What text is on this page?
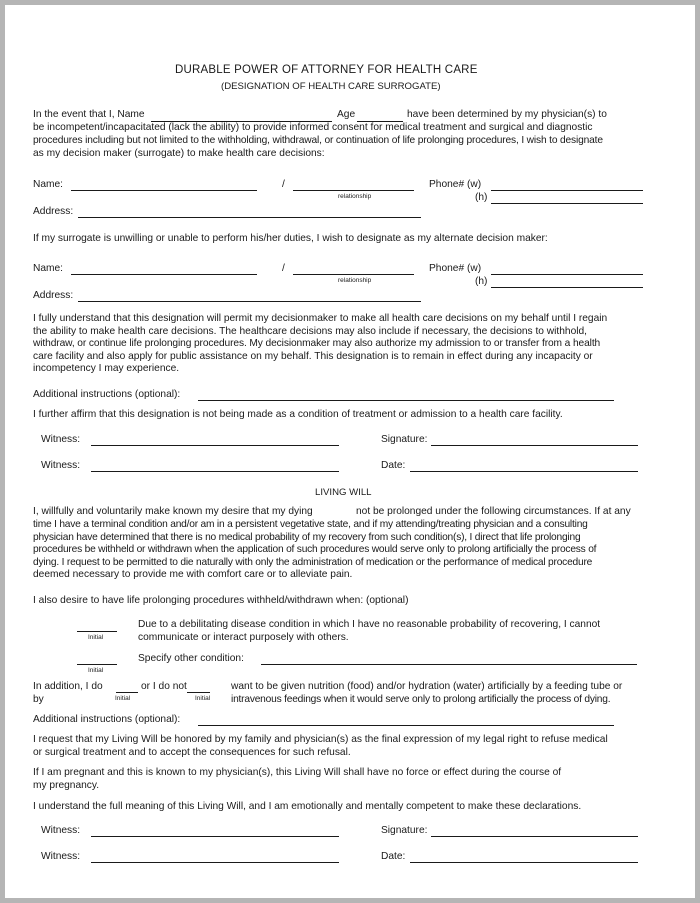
DURABLE POWER OF ATTORNEY FOR HEALTH CARE
(DESIGNATION OF HEALTH CARE SURROGATE)
In the event that I, Name	Age	have been determined by my physician(s) to
be incompetent/incapacitated (lack the ability) to provide informed consent for medical treatment and surgical and diagnostic
procedures including but not limited to the withholding, withdrawal, or continuation of life prolonging procedures, I wish to designate
as my decision maker (surrogate) to make health care decisions:
Name:	/
relationship
Phone# (w)
(h)
Address:
If my surrogate is unwilling or unable to perform his/her duties, I wish to designate as my alternate decision maker:
Name:	/
relationship
Phone# (w)
(h)
Address:
I fully understand that this designation will permit my decisionmaker to make all health care decisions on my behalf until I regain
the ability to make health care decisions. The healthcare decisions may also include if necessary, the decisions to withhold,
withdraw, or continue life prolonging procedures. My decisionmaker may also authorize my admission to or transfer from a health
care facility and also apply for public assistance on my behalf. This designation is to remain in effect during any incapacity or
incompetency I may experience.
Additional instructions (optional):
I further affirm that this designation is not being made as a condition of treatment or admission to a health care facility.
Witness:	Signature:
Witness:	Date:
LIVING WILL
I, willfully and voluntarily make known my desire that my dying	not be prolonged under the following circumstances. If at any
time I have a terminal condition and/or am in a persistent vegetative state, and if my attending/treating physician and a consulting
physician have determined that there is no medical probability of my recovery from such condition(s), I direct that life prolonging
procedures be withheld or withdrawn when the application of such procedures would serve only to prolong artificially the process of
dying. I request to be permitted to die naturally with only the administration of medication or the performance of medical procedure
deemed necessary to provide me with comfort care or to alleviate pain.
I also desire to have life prolonging procedures withheld/withdrawn when: (optional)
Initial
Due to a debilitating disease condition in which I have no reasonable probability of recovering, I cannot
communicate or interact purposely with others.
Initial
Specify other condition:
In addition, I do
Initial
or I do not
Initial
want to be given nutrition (food) and/or hydration (water) artificially by a feeding tube or
by	intravenous feedings when it would serve only to prolong artificially the process of dying.
Additional instructions (optional):
I request that my Living Will be honored by my family and physician(s) as the final expression of my legal right to refuse medical
or surgical treatment and to accept the consequences for such refusal.
If I am pregnant and this is known to my physician(s), this Living Will shall have no force or effect during the course of
my pregnancy.
I understand the full meaning of this Living Will, and I am emotionally and mentally competent to make these declarations.
Witness:	Signature:
Witness:	Date:
